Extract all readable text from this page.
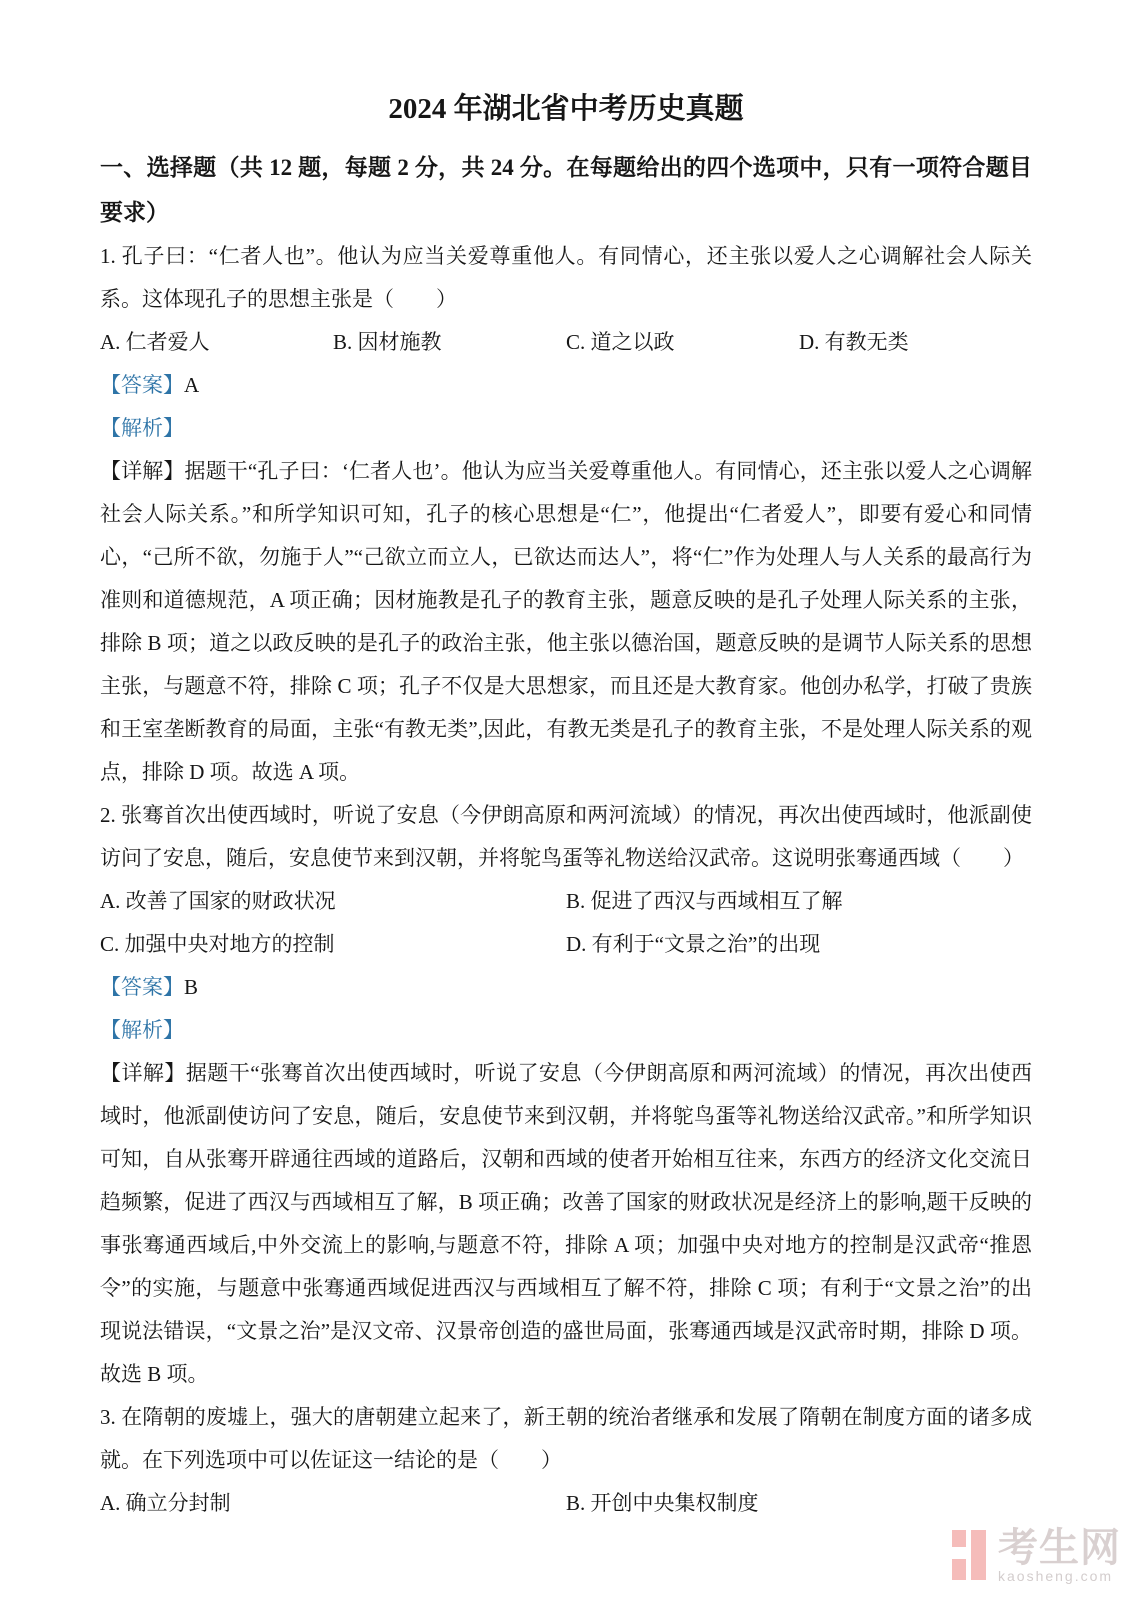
2024 年湖北省中考历史真题
一、选择题（共 12 题，每题 2 分，共 24 分。在每题给出的四个选项中，只有一项符合题目要求）

1. 孔子曰：“仁者人也”。他认为应当关爱尊重他人。有同情心，还主张以爱人之心调解社会人际关系。这体现孔子的思想主张是（　　）

A. 仁者爱人	B. 因材施教	C. 道之以政	D. 有教无类

【答案】A

【解析】

【详解】据题干“孔子曰：‘仁者人也’。他认为应当关爱尊重他人。有同情心，还主张以爱人之心调解社会人际关系。”和所学知识可知，孔子的核心思想是“仁”，他提出“仁者爱人”，即要有爱心和同情心，“己所不欲，勿施于人”“己欲立而立人，已欲达而达人”，将“仁”作为处理人与人关系的最高行为准则和道德规范，A 项正确；因材施教是孔子的教育主张，题意反映的是孔子处理人际关系的主张，排除 B 项；道之以政反映的是孔子的政治主张，他主张以德治国，题意反映的是调节人际关系的思想主张，与题意不符，排除 C 项；孔子不仅是大思想家，而且还是大教育家。他创办私学，打破了贵族和王室垄断教育的局面，主张“有教无类”,因此，有教无类是孔子的教育主张，不是处理人际关系的观点，排除 D 项。故选 A 项。

2. 张骞首次出使西域时，听说了安息（今伊朗高原和两河流域）的情况，再次出使西域时，他派副使访问了安息，随后，安息使节来到汉朝，并将鸵鸟蛋等礼物送给汉武帝。这说明张骞通西域（　　）

A. 改善了国家的财政状况	B. 促进了西汉与西域相互了解
C. 加强中央对地方的控制	D. 有利于“文景之治”的出现

【答案】B

【解析】

【详解】据题干“张骞首次出使西域时，听说了安息（今伊朗高原和两河流域）的情况，再次出使西域时，他派副使访问了安息，随后，安息使节来到汉朝，并将鸵鸟蛋等礼物送给汉武帝。”和所学知识可知，自从张骞开辟通往西域的道路后，汉朝和西域的使者开始相互往来，东西方的经济文化交流日趋频繁，促进了西汉与西域相互了解，B 项正确；改善了国家的财政状况是经济上的影响,题干反映的事张骞通西域后,中外交流上的影响,与题意不符，排除 A 项；加强中央对地方的控制是汉武帝“推恩令”的实施，与题意中张骞通西域促进西汉与西域相互了解不符，排除 C 项；有利于“文景之治”的出现说法错误，“文景之治”是汉文帝、汉景帝创造的盛世局面，张骞通西域是汉武帝时期，排除 D 项。故选 B 项。

3. 在隋朝的废墟上，强大的唐朝建立起来了，新王朝的统治者继承和发展了隋朝在制度方面的诸多成就。在下列选项中可以佐证这一结论的是（　　）

A. 确立分封制	B. 开创中央集权制度
考生网
kaosheng.com
